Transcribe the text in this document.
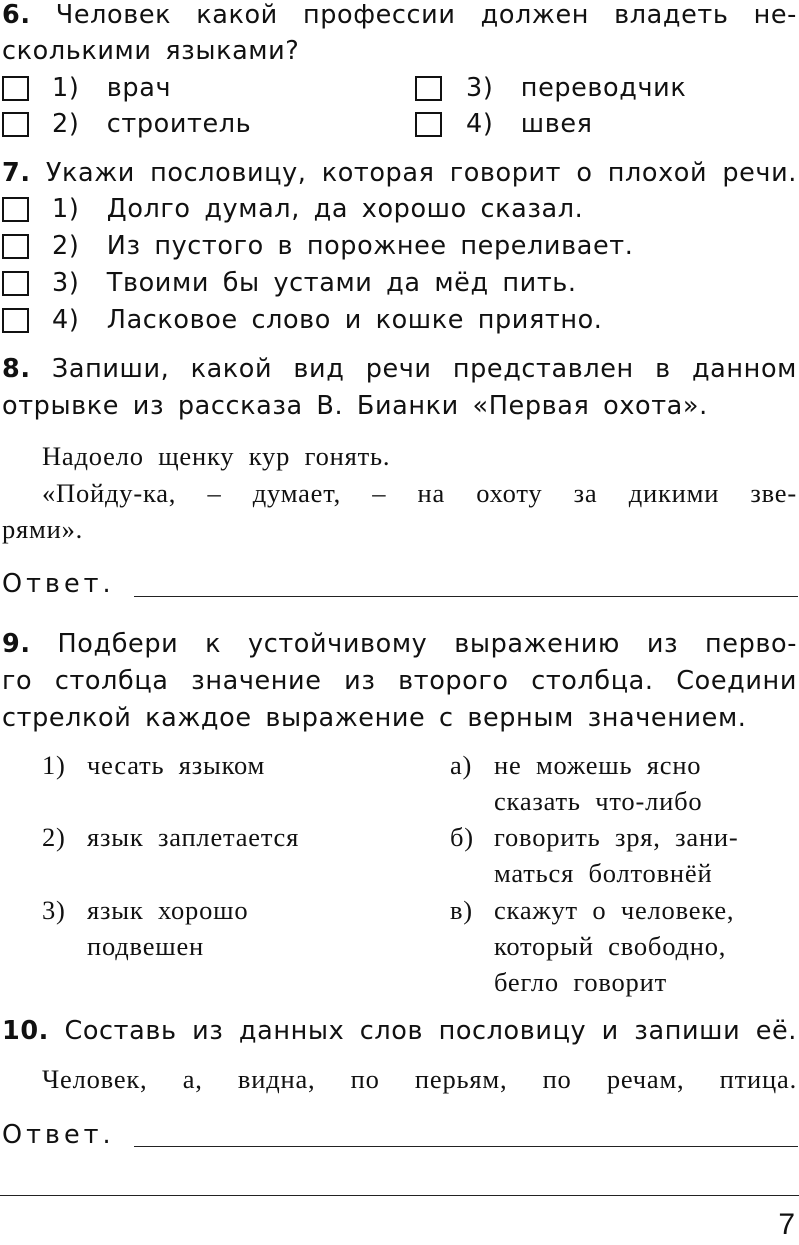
6. Человек какой профессии должен владеть не-
сколькими языками?
1) врач
2) строитель
3) переводчик
4) швея
7. Укажи пословицу, которая говорит о плохой речи.
1) Долго думал, да хорошо сказал.
2) Из пустого в порожнее переливает.
3) Твоими бы устами да мёд пить.
4) Ласковое слово и кошке приятно.
8. Запиши, какой вид речи представлен в данном
отрывке из рассказа В. Бианки «Первая охота».
Надоело щенку кур гонять.
«Пойду-ка, – думает, – на охоту за дикими зве-
рями».
Ответ.
9. Подбери к устойчивому выражению из перво-
го столбца значение из второго столбца. Соедини
стрелкой каждое выражение с верным значением.
1) чесать языком
2) язык заплетается
3) язык хорошо
подвешен
а) не можешь ясно
сказать что-либо
б) говорить зря, зани-
маться болтовнёй
в) скажут о человеке,
который свободно,
бегло говорит
10. Составь из данных слов пословицу и запиши её.
Человек, а, видна, по перьям, по речам, птица.
Ответ.
7
